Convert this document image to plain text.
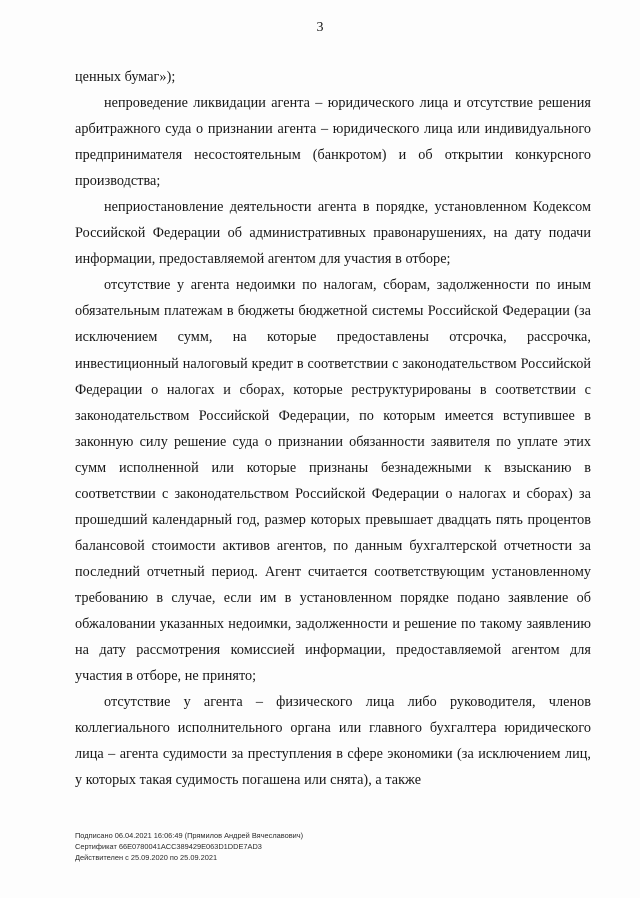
3

ценных бумаг»);

непроведение ликвидации агента – юридического лица и отсутствие решения арбитражного суда о признании агента – юридического лица или индивидуального предпринимателя несостоятельным (банкротом) и об открытии конкурсного производства;

неприостановление деятельности агента в порядке, установленном Кодексом Российской Федерации об административных правонарушениях, на дату подачи информации, предоставляемой агентом для участия в отборе;

отсутствие у агента недоимки по налогам, сборам, задолженности по иным обязательным платежам в бюджеты бюджетной системы Российской Федерации (за исключением сумм, на которые предоставлены отсрочка, рассрочка, инвестиционный налоговый кредит в соответствии с законодательством Российской Федерации о налогах и сборах, которые реструктурированы в соответствии с законодательством Российской Федерации, по которым имеется вступившее в законную силу решение суда о признании обязанности заявителя по уплате этих сумм исполненной или которые признаны безнадежными к взысканию в соответствии с законодательством Российской Федерации о налогах и сборах) за прошедший календарный год, размер которых превышает двадцать пять процентов балансовой стоимости активов агентов, по данным бухгалтерской отчетности за последний отчетный период. Агент считается соответствующим установленному требованию в случае, если им в установленном порядке подано заявление об обжаловании указанных недоимки, задолженности и решение по такому заявлению на дату рассмотрения комиссией информации, предоставляемой агентом для участия в отборе, не принято;

отсутствие у агента – физического лица либо руководителя, членов коллегиального исполнительного органа или главного бухгалтера юридического лица – агента судимости за преступления в сфере экономики (за исключением лиц, у которых такая судимость погашена или снята), а также

Подписано 06.04.2021 16:06:49 (Прямилов Андрей Вячеславович)
Сертификат 66E0780041ACC389429E063D1DDE7AD3
Действителен с 25.09.2020 по 25.09.2021
